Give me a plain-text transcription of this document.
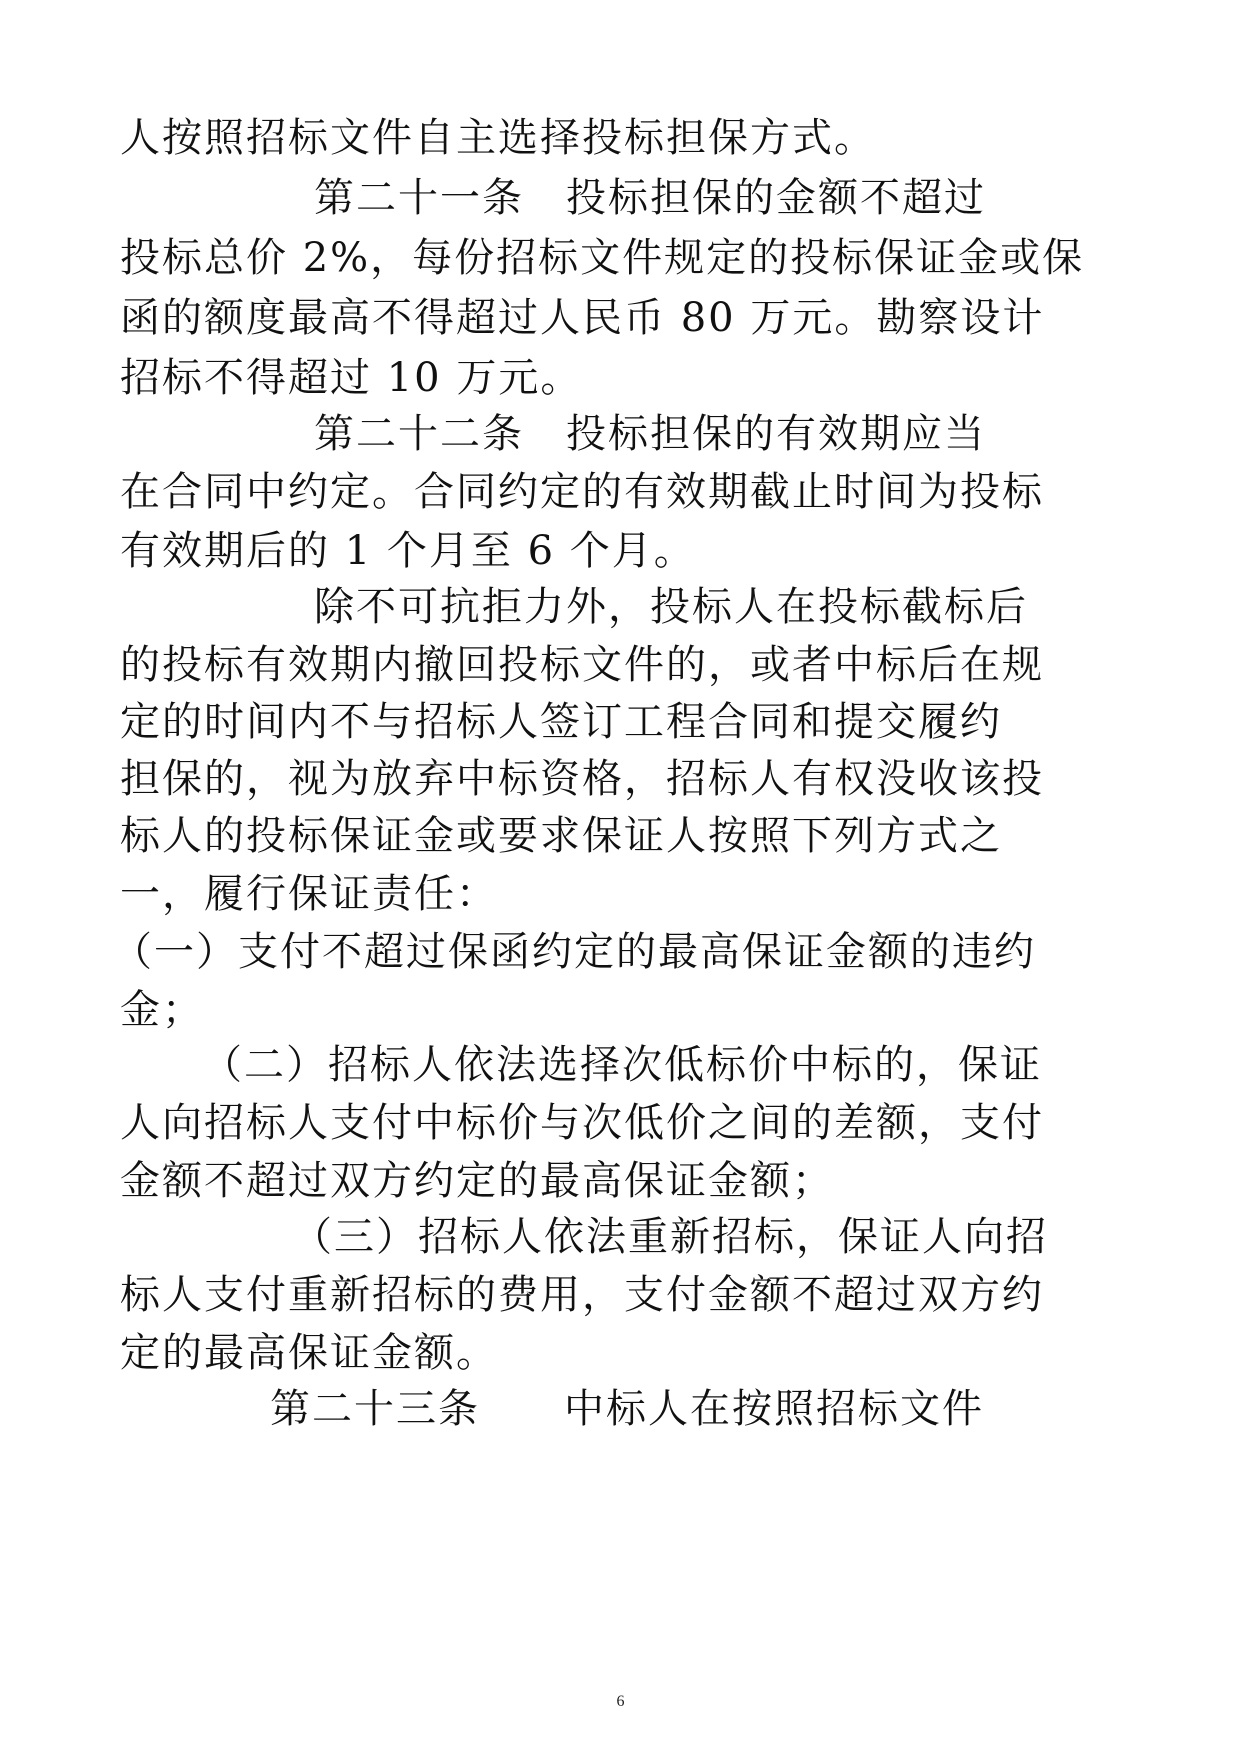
人按照招标文件自主选择投标担保方式。
第二十一条　投标担保的金额不超过
投标总价 2%，每份招标文件规定的投标保证金或保
函的额度最高不得超过人民币 80 万元。勘察设计
招标不得超过 10 万元。
第二十二条　投标担保的有效期应当
在合同中约定。合同约定的有效期截止时间为投标
有效期后的 1 个月至 6 个月。
除不可抗拒力外，投标人在投标截标后
的投标有效期内撤回投标文件的，或者中标后在规
定的时间内不与招标人签订工程合同和提交履约
担保的，视为放弃中标资格，招标人有权没收该投
标人的投标保证金或要求保证人按照下列方式之
一，履行保证责任：
（一）支付不超过保函约定的最高保证金额的违约
金；
（二）招标人依法选择次低标价中标的，保证
人向招标人支付中标价与次低价之间的差额，支付
金额不超过双方约定的最高保证金额；
（三）招标人依法重新招标，保证人向招
标人支付重新招标的费用，支付金额不超过双方约
定的最高保证金额。
第二十三条　　中标人在按照招标文件
6
